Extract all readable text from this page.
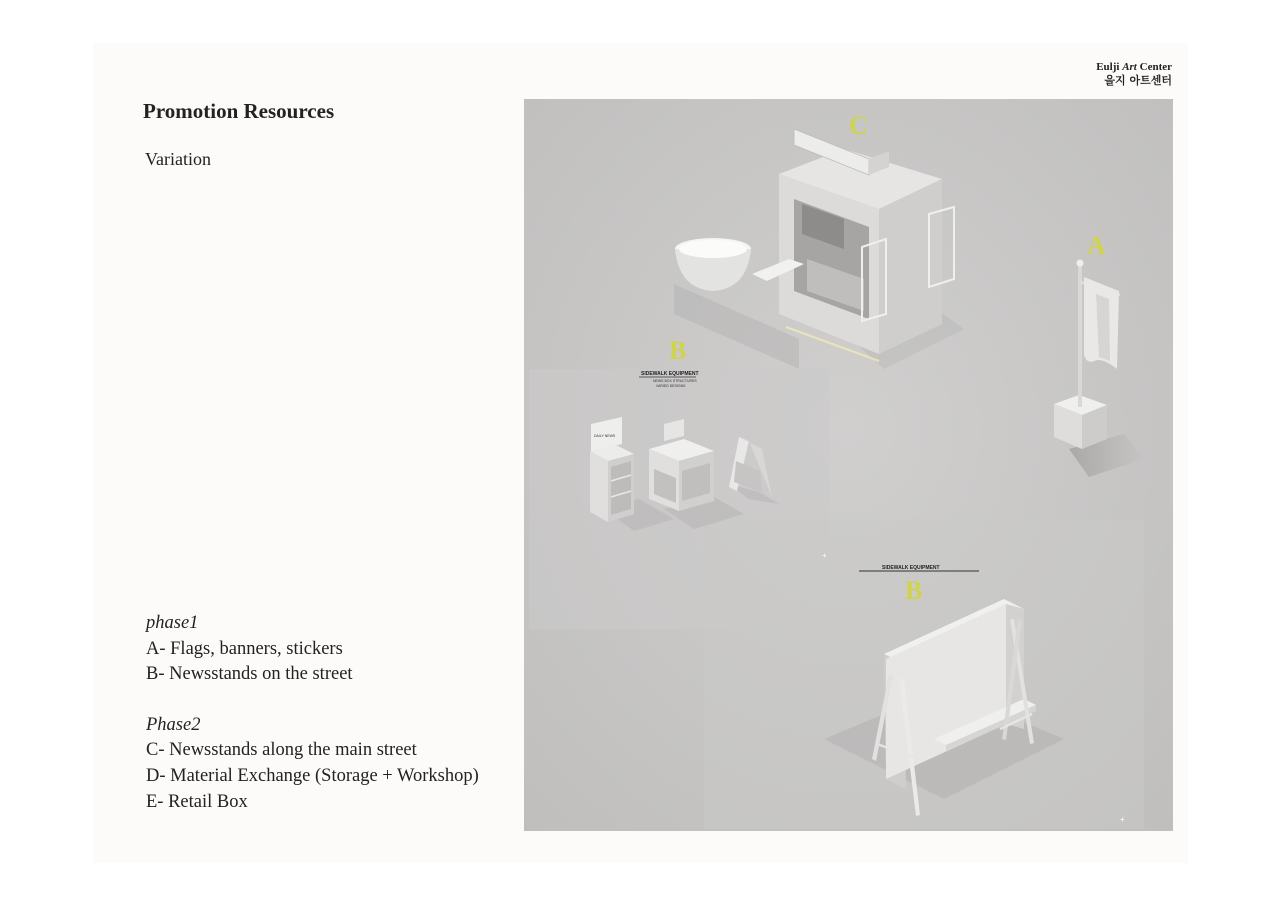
Eulji Art Center
을지 아트센터
Promotion Resources
Variation
phase1
A- Flags, banners, stickers
B- Newsstands on the street
Phase2
C- Newsstands along the main street
D- Material Exchange (Storage + Workshop)
E- Retail Box
C
A
B
SIDEWALK EQUIPMENT
NEWS BOX STRUCTURES
VARIED DESIGNS
DAILY NEWS
SIDEWALK EQUIPMENT
B
+
+
